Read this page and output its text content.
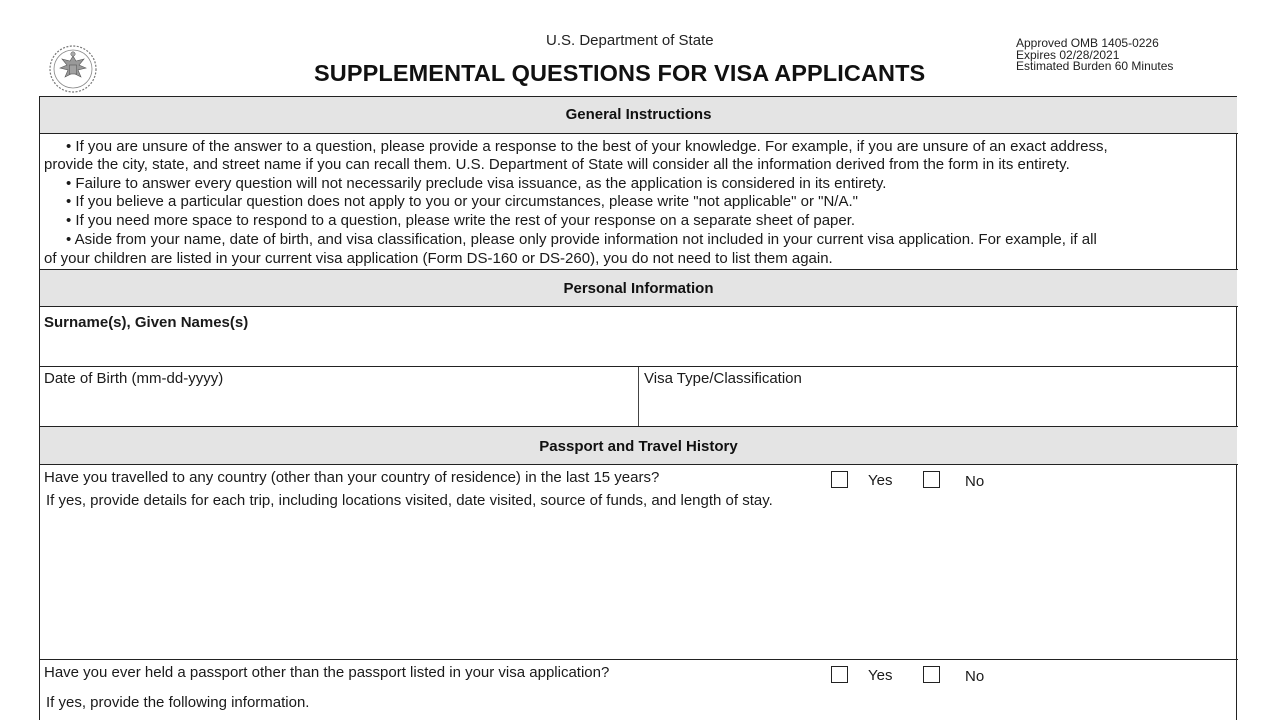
U.S. Department of State
SUPPLEMENTAL QUESTIONS FOR VISA APPLICANTS
Approved OMB 1405-0226
Expires 02/28/2021
Estimated Burden 60 Minutes
General Instructions
• If you are unsure of the answer to a question, please provide a response to the best of your knowledge. For example, if you are unsure of an exact address,
provide the city, state, and street name if you can recall them. U.S. Department of State will consider all the information derived from the form in its entirety.
• Failure to answer every question will not necessarily preclude visa issuance, as the application is considered in its entirety.
• If you believe a particular question does not apply to you or your circumstances, please write "not applicable" or "N/A."
• If you need more space to respond to a question, please write the rest of your response on a separate sheet of paper.
• Aside from your name, date of birth, and visa classification, please only provide information not included in your current visa application. For example, if all
of your children are listed in your current visa application (Form DS-160 or DS-260), you do not need to list them again.
Personal Information
Surname(s), Given Names(s)
Date of Birth (mm-dd-yyyy)	Visa Type/Classification
Passport and Travel History
Have you travelled to any country (other than your country of residence) in the last 15 years?	Yes	No
If yes, provide details for each trip, including locations visited, date visited, source of funds, and length of stay.
Have you ever held a passport other than the passport listed in your visa application?	Yes	No
If yes, provide the following information.
